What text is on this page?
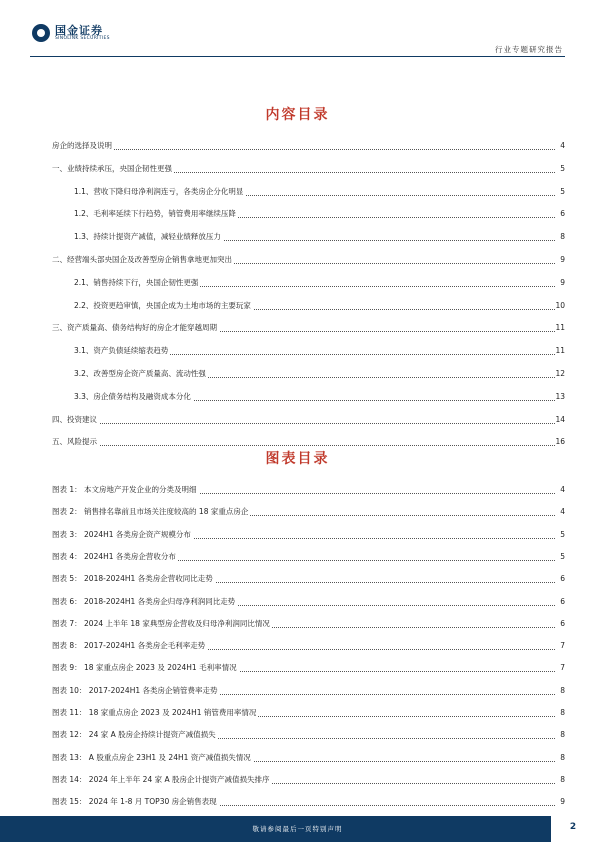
国金证券
SINOLINK SECURITIES
行业专题研究报告
内容目录
房企的选择及说明	4
一、业绩持续承压，央国企韧性更强	5
1.1、营收下降归母净利润连亏，各类房企分化明显	5
1.2、毛利率延续下行趋势，销管费用率继续压降	6
1.3、持续计提资产减值，减轻业绩释放压力	8
二、经营端头部央国企及改善型房企销售拿地更加突出	9
2.1、销售持续下行，央国企韧性更强	9
2.2、投资更趋审慎，央国企成为土地市场的主要玩家	10
三、资产质量高、债务结构好的房企才能穿越周期	11
3.1、资产负债延续缩表趋势	11
3.2、改善型房企资产质量高、流动性强	12
3.3、房企债务结构及融资成本分化	13
四、投资建议	14
五、风险提示	16
图表目录
图表 1： 本文房地产开发企业的分类及明细	4
图表 2： 销售排名靠前且市场关注度较高的 18 家重点房企	4
图表 3： 2024H1 各类房企资产规模分布	5
图表 4： 2024H1 各类房企营收分布	5
图表 5： 2018-2024H1 各类房企营收同比走势	6
图表 6： 2018-2024H1 各类房企归母净利润同比走势	6
图表 7： 2024 上半年 18 家典型房企营收及归母净利润同比情况	6
图表 8： 2017-2024H1 各类房企毛利率走势	7
图表 9： 18 家重点房企 2023 及 2024H1 毛利率情况	7
图表 10： 2017-2024H1 各类房企销管费率走势	8
图表 11： 18 家重点房企 2023 及 2024H1 销管费用率情况	8
图表 12： 24 家 A 股房企持续计提资产减值损失	8
图表 13： A 股重点房企 23H1 及 24H1 资产减值损失情况	8
图表 14： 2024 年上半年 24 家 A 股房企计提资产减值损失排序	8
图表 15： 2024 年 1-8 月 TOP30 房企销售表现	9
敬请参阅最后一页特别声明	2
